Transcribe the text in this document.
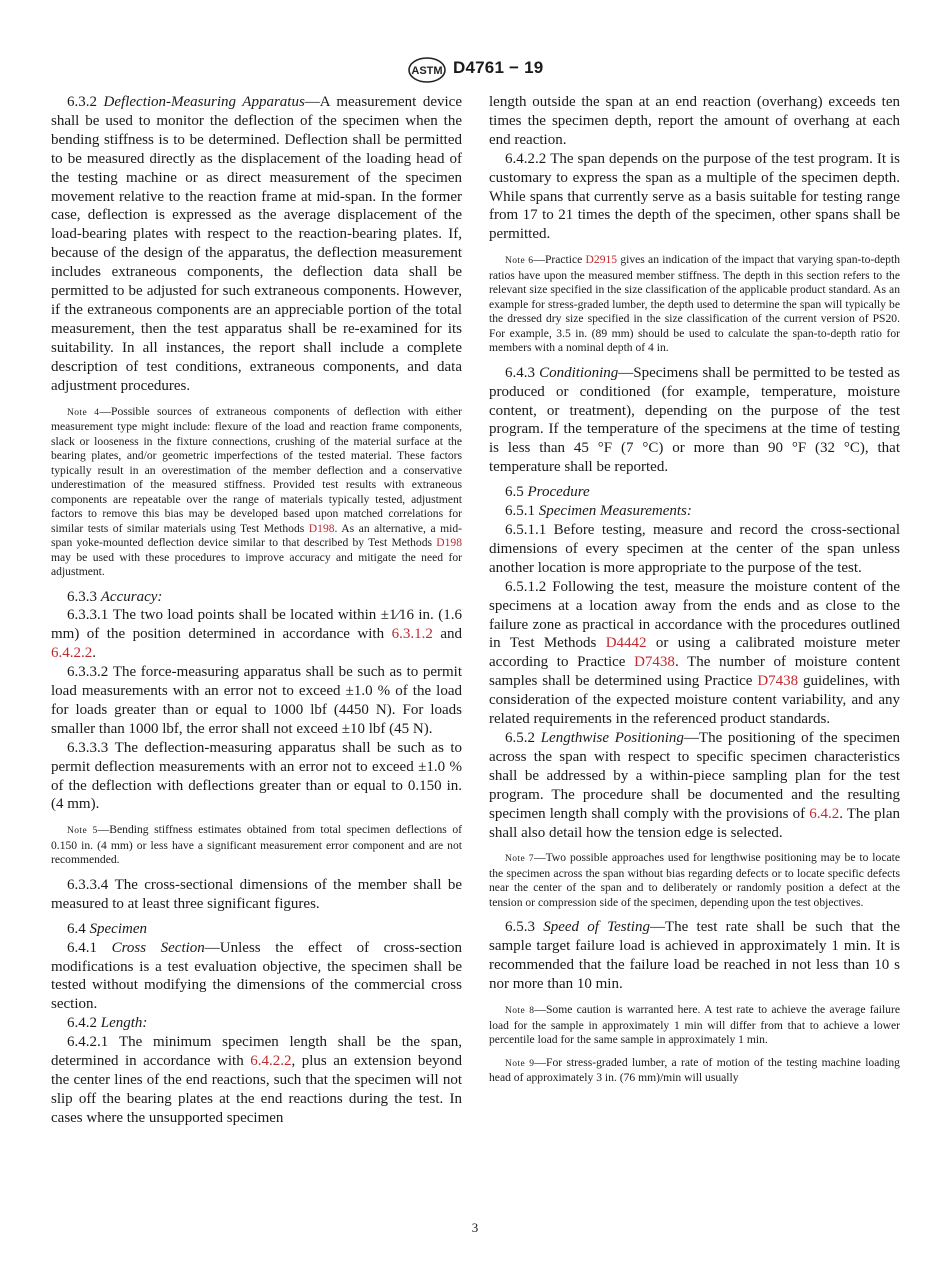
ASTM D4761 − 19

6.3.2 Deflection-Measuring Apparatus—A measurement device shall be used to monitor the deflection of the specimen when the bending stiffness is to be determined. Deflection shall be permitted to be measured directly as the displacement of the loading head of the testing machine or as direct measurement of the specimen movement relative to the reaction frame at mid-span. In the former case, deflection is expressed as the average displacement of the load-bearing plates with respect to the reaction-bearing plates. If, because of the design of the apparatus, the deflection measurement includes extraneous components, the deflection data shall be permitted to be adjusted for such extraneous components. However, if the extraneous components are an appreciable portion of the total measurement, then the test apparatus shall be re-examined for its suitability. In all instances, the report shall include a complete description of test conditions, extraneous components, and data adjustment procedures.

Note 4—Possible sources of extraneous components of deflection with either measurement type might include: flexure of the load and reaction frame components, slack or looseness in the fixture connections, crushing of the material surface at the bearing plates, and/or geometric imperfections of the tested material. These factors typically result in an overestimation of the member deflection and a conservative underestimation of the measured stiffness. Provided test results with extraneous components are repeatable over the range of materials typically tested, adjustment factors to remove this bias may be developed based upon matched correlations for similar tests of similar materials using Test Methods D198. As an alternative, a mid-span yoke-mounted deflection device similar to that described by Test Methods D198 may be used with these procedures to improve accuracy and mitigate the need for adjustment.

6.3.3 Accuracy:

6.3.3.1 The two load points shall be located within ±1⁄16 in. (1.6 mm) of the position determined in accordance with 6.3.1.2 and 6.4.2.2.

6.3.3.2 The force-measuring apparatus shall be such as to permit load measurements with an error not to exceed ±1.0 % of the load for loads greater than or equal to 1000 lbf (4450 N). For loads smaller than 1000 lbf, the error shall not exceed ±10 lbf (45 N).

6.3.3.3 The deflection-measuring apparatus shall be such as to permit deflection measurements with an error not to exceed ±1.0 % of the deflection with deflections greater than or equal to 0.150 in. (4 mm).

Note 5—Bending stiffness estimates obtained from total specimen deflections of 0.150 in. (4 mm) or less have a significant measurement error component and are not recommended.

6.3.3.4 The cross-sectional dimensions of the member shall be measured to at least three significant figures.

6.4 Specimen

6.4.1 Cross Section—Unless the effect of cross-section modifications is a test evaluation objective, the specimen shall be tested without modifying the dimensions of the commercial cross section.

6.4.2 Length:

6.4.2.1 The minimum specimen length shall be the span, determined in accordance with 6.4.2.2, plus an extension beyond the center lines of the end reactions, such that the specimen will not slip off the bearing plates at the end reactions during the test. In cases where the unsupported specimen

length outside the span at an end reaction (overhang) exceeds ten times the specimen depth, report the amount of overhang at each end reaction.

6.4.2.2 The span depends on the purpose of the test program. It is customary to express the span as a multiple of the specimen depth. While spans that currently serve as a basis suitable for testing range from 17 to 21 times the depth of the specimen, other spans shall be permitted.

Note 6—Practice D2915 gives an indication of the impact that varying span-to-depth ratios have upon the measured member stiffness. The depth in this section refers to the relevant size specified in the size classification of the applicable product standard. As an example for stress-graded lumber, the depth used to determine the span will typically be the dressed dry size specified in the size classification of the current version of PS20. For example, 3.5 in. (89 mm) should be used to calculate the span-to-depth ratio for members with a nominal depth of 4 in.

6.4.3 Conditioning—Specimens shall be permitted to be tested as produced or conditioned (for example, temperature, moisture content, or treatment), depending on the purpose of the test program. If the temperature of the specimens at the time of testing is less than 45 °F (7 °C) or more than 90 °F (32 °C), that temperature shall be reported.

6.5 Procedure

6.5.1 Specimen Measurements:

6.5.1.1 Before testing, measure and record the cross-sectional dimensions of every specimen at the center of the span unless another location is more appropriate to the purpose of the test.

6.5.1.2 Following the test, measure the moisture content of the specimens at a location away from the ends and as close to the failure zone as practical in accordance with the procedures outlined in Test Methods D4442 or using a calibrated moisture meter according to Practice D7438. The number of moisture content samples shall be determined using Practice D7438 guidelines, with consideration of the expected moisture content variability, and any related requirements in the referenced product standards.

6.5.2 Lengthwise Positioning—The positioning of the specimen across the span with respect to specific specimen characteristics shall be addressed by a within-piece sampling plan for the test program. The procedure shall be documented and the resulting specimen length shall comply with the provisions of 6.4.2. The plan shall also detail how the tension edge is selected.

Note 7—Two possible approaches used for lengthwise positioning may be to locate the specimen across the span without bias regarding defects or to locate specific defects near the center of the span and to deliberately or randomly position a defect at the tension or compression side of the specimen, depending upon the test objectives.

6.5.3 Speed of Testing—The test rate shall be such that the sample target failure load is achieved in approximately 1 min. It is recommended that the failure load be reached in not less than 10 s nor more than 10 min.

Note 8—Some caution is warranted here. A test rate to achieve the average failure load for the sample in approximately 1 min will differ from that to achieve a lower percentile load for the same sample in approximately 1 min.

Note 9—For stress-graded lumber, a rate of motion of the testing machine loading head of approximately 3 in. (76 mm)/min will usually

3
